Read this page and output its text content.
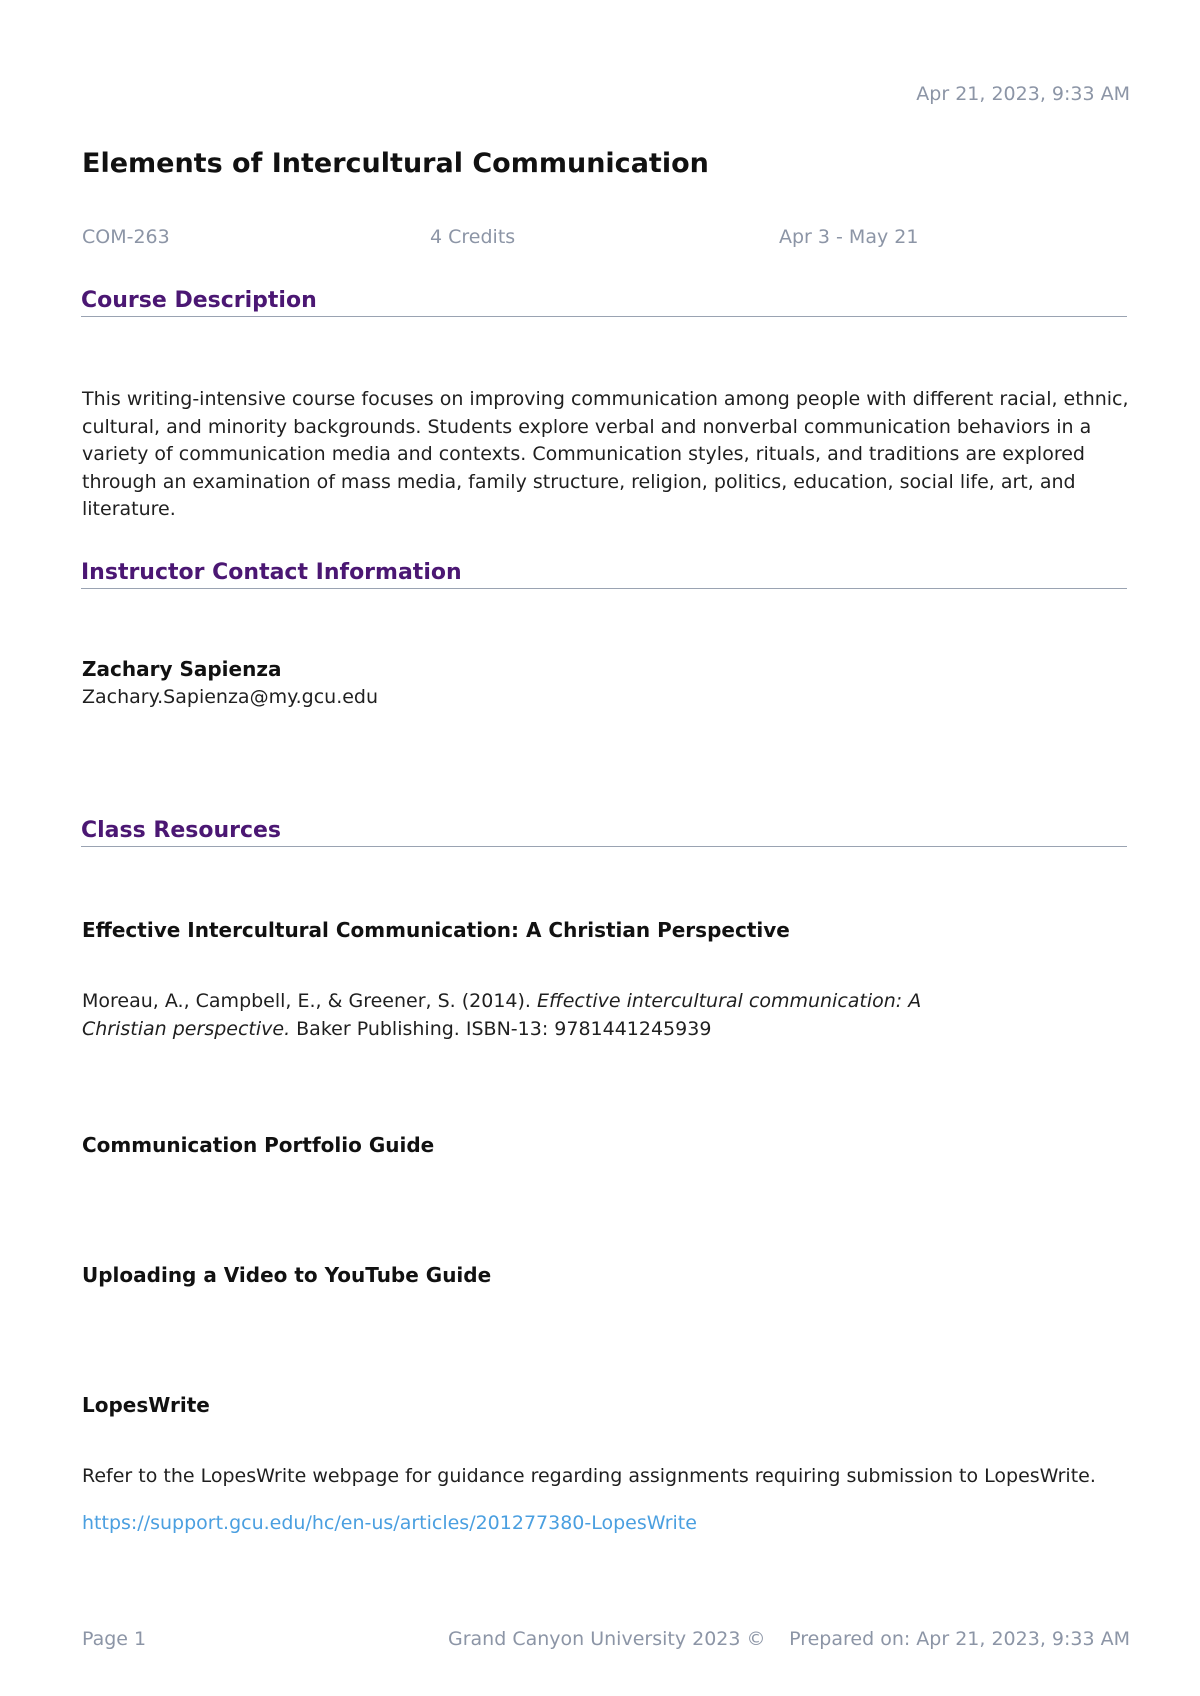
Apr 21, 2023, 9:33 AM
Elements of Intercultural Communication
COM-263	4 Credits	Apr 3 - May 21
Course Description

This writing-intensive course focuses on improving communication among people with different racial, ethnic, cultural, and minority backgrounds. Students explore verbal and nonverbal communication behaviors in a variety of communication media and contexts. Communication styles, rituals, and traditions are explored through an examination of mass media, family structure, religion, politics, education, social life, art, and literature.

Instructor Contact Information
Zachary Sapienza
Zachary.Sapienza@my.gcu.edu
Class Resources
Effective Intercultural Communication: A Christian Perspective

Moreau, A., Campbell, E., & Greener, S. (2014). Effective intercultural communication: A Christian perspective. Baker Publishing. ISBN-13: 9781441245939

Communication Portfolio Guide
Uploading a Video to YouTube Guide
LopesWrite

Refer to the LopesWrite webpage for guidance regarding assignments requiring submission to LopesWrite.

https://support.gcu.edu/hc/en-us/articles/201277380-LopesWrite
Page 1	Grand Canyon University 2023 © Prepared on: Apr 21, 2023, 9:33 AM
